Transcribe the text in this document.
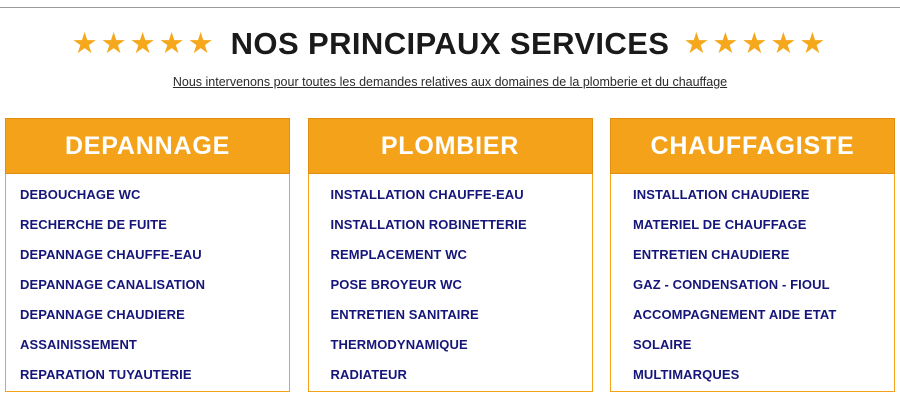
★★★★★ NOS PRINCIPAUX SERVICES ★★★★★
Nous intervenons pour toutes les demandes relatives aux domaines de la plomberie et du chauffage
DEPANNAGE
DEBOUCHAGE WC
RECHERCHE DE FUITE
DEPANNAGE CHAUFFE-EAU
DEPANNAGE CANALISATION
DEPANNAGE CHAUDIERE
ASSAINISSEMENT
REPARATION TUYAUTERIE
PLOMBIER
INSTALLATION CHAUFFE-EAU
INSTALLATION ROBINETTERIE
REMPLACEMENT WC
POSE BROYEUR WC
ENTRETIEN SANITAIRE
THERMODYNAMIQUE
RADIATEUR
CHAUFFAGISTE
INSTALLATION CHAUDIERE
MATERIEL DE CHAUFFAGE
ENTRETIEN CHAUDIERE
GAZ - CONDENSATION - FIOUL
ACCOMPAGNEMENT AIDE ETAT
SOLAIRE
MULTIMARQUES
